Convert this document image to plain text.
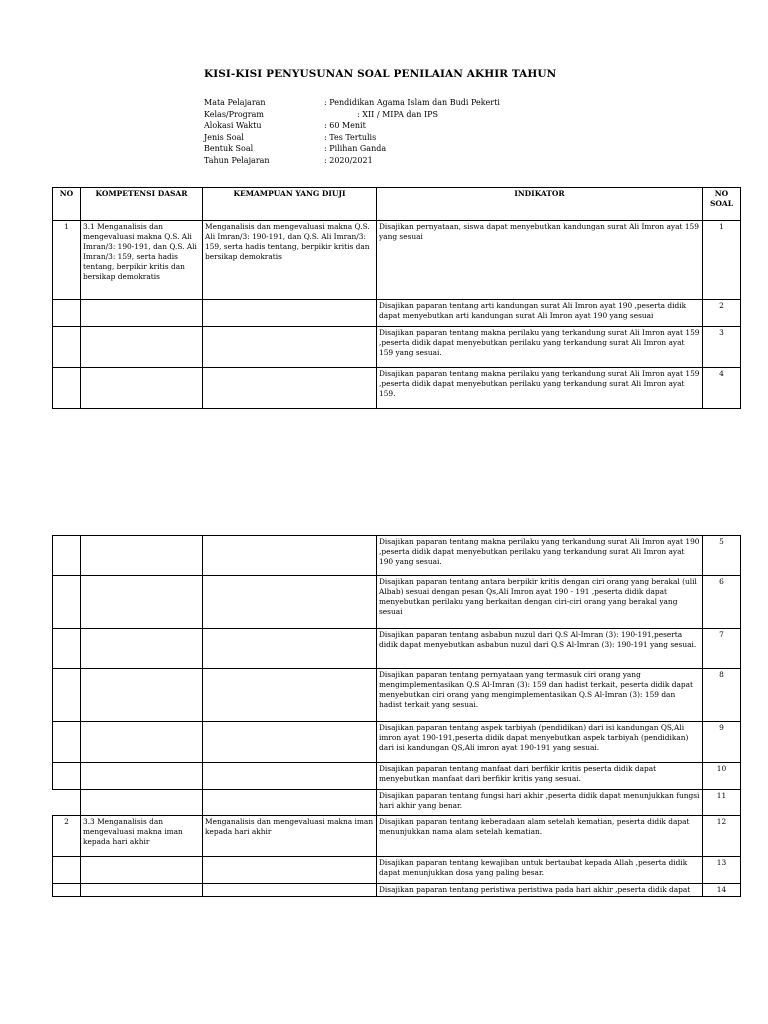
KISI-KISI PENYUSUNAN SOAL PENILAIAN AKHIR TAHUN
Mata Pelajaran	: Pendidikan Agama Islam dan Budi Pekerti
Kelas/Program	: XII / MIPA dan IPS
Alokasi Waktu	: 60 Menit
Jenis Soal	: Tes Tertulis
Bentuk Soal	: Pilihan Ganda
Tahun Pelajaran	: 2020/2021
NO	KOMPETENSI DASAR	KEMAMPUAN YANG DIUJI	INDIKATOR	NO SOAL
1	3.1 Menganalisis dan mengevaluasi makna Q.S. Ali Imran/3: 190-191, dan Q.S. Ali Imran/3: 159, serta hadis tentang, berpikir kritis dan bersikap demokratis	Menganalisis dan mengevaluasi makna Q.S. Ali Imran/3: 190-191, dan Q.S. Ali Imran/3: 159, serta hadis tentang, berpikir kritis dan bersikap demokratis	Disajikan pernyataan, siswa dapat menyebutkan kandungan surat Ali Imron ayat 159 yang sesuai	1
			Disajikan paparan tentang arti kandungan surat Ali Imron ayat 190 ,peserta didik dapat menyebutkan arti kandungan surat Ali Imron ayat 190 yang sesuai	2
			Disajikan paparan tentang makna perilaku yang terkandung surat Ali Imron ayat 159 ,peserta didik dapat menyebutkan perilaku yang terkandung surat Ali Imron ayat 159 yang sesuai.	3
			Disajikan paparan tentang makna perilaku yang terkandung surat Ali Imron ayat 159 ,peserta didik dapat menyebutkan perilaku yang terkandung surat Ali Imron ayat 159.	4
			Disajikan paparan tentang makna perilaku yang terkandung surat Ali Imron ayat 190 ,peserta didik dapat menyebutkan perilaku yang terkandung surat Ali Imron ayat 190 yang sesuai.	5
			Disajikan paparan tentang antara berpikir kritis dengan ciri orang yang berakal (ulil Albab) sesuai dengan pesan Qs,Ali Imron ayat 190 - 191 ,peserta didik dapat menyebutkan perilaku yang berkaitan dengan ciri-ciri orang yang berakal yang sesuai	6
			Disajikan paparan tentang asbabun nuzul dari Q.S Al-Imran (3): 190-191,peserta didik dapat menyebutkan asbabun nuzul dari Q.S Al-Imran (3): 190-191 yang sesuai.	7
			Disajikan paparan tentang pernyataan yang termasuk ciri orang yang mengimplementasikan Q.S Al-Imran (3): 159 dan hadist terkait, peserta didik dapat menyebutkan ciri orang yang mengimplementasikan Q.S Al-Imran (3): 159 dan hadist terkait yang sesuai.	8
			Disajikan paparan tentang aspek tarbiyah (pendidikan) dari isi kandungan QS,Ali imron ayat 190-191,peserta didik dapat menyebutkan aspek tarbiyah (pendidikan) dari isi kandungan QS,Ali imron ayat 190-191 yang sesuai.	9
			Disajikan paparan tentang manfaat dari berfikir kritis peserta didik dapat menyebutkan manfaat dari berfikir kritis yang sesuai.	10
			Disajikan paparan tentang fungsi hari akhir ,peserta didik dapat menunjukkan fungsi hari akhir yang benar.	11
2	3.3 Menganalisis dan mengevaluasi makna iman kepada hari akhir	Menganalisis dan mengevaluasi makna iman kepada hari akhir	Disajikan paparan tentang keberadaan alam setelah kematian, peserta didik dapat menunjukkan nama alam setelah kematian.	12
			Disajikan paparan tentang kewajiban untuk bertaubat kepada Allah ,peserta didik dapat menunjukkan dosa yang paling besar.	13
			Disajikan paparan tentang peristiwa peristiwa pada hari akhir ,peserta didik dapat	14
